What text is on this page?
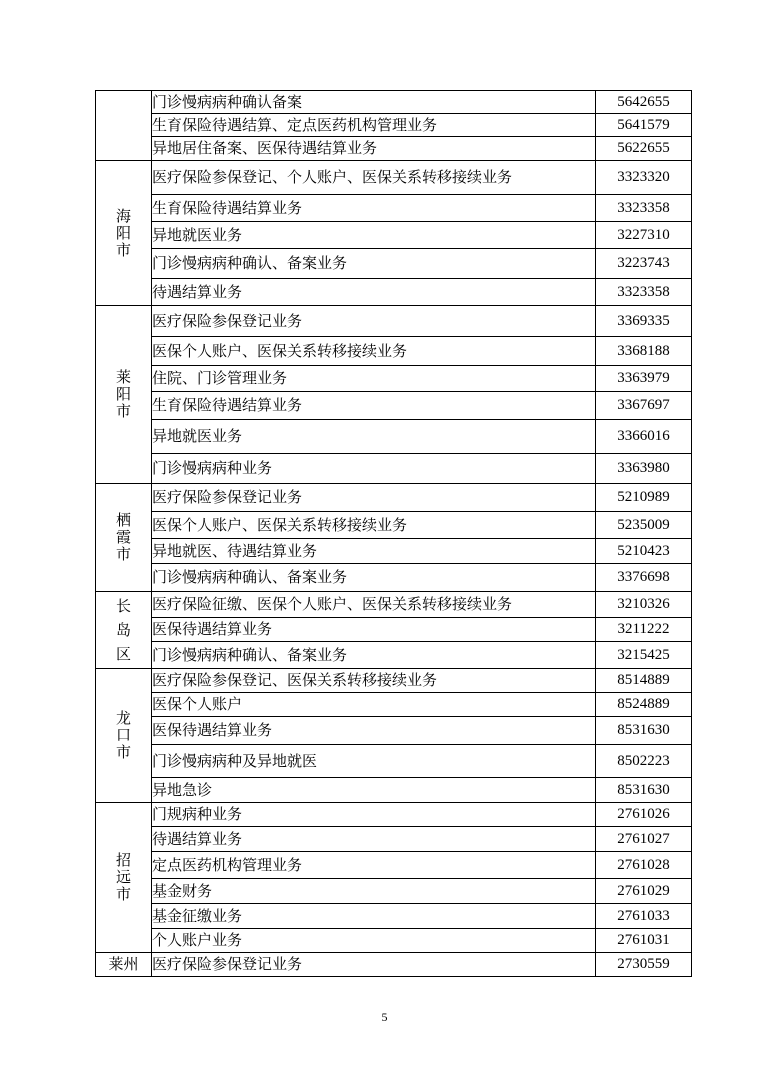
	门诊慢病病种确认备案	5642655
	生育保险待遇结算、定点医药机构管理业务	5641579
	异地居住备案、医保待遇结算业务	5622655
海阳市	医疗保险参保登记、个人账户、医保关系转移接续业务	3323320
	生育保险待遇结算业务	3323358
	异地就医业务	3227310
	门诊慢病病种确认、备案业务	3223743
	待遇结算业务	3323358
莱阳市	医疗保险参保登记业务	3369335
	医保个人账户、医保关系转移接续业务	3368188
	住院、门诊管理业务	3363979
	生育保险待遇结算业务	3367697
	异地就医业务	3366016
	门诊慢病病种业务	3363980
栖霞市	医疗保险参保登记业务	5210989
	医保个人账户、医保关系转移接续业务	5235009
	异地就医、待遇结算业务	5210423
	门诊慢病病种确认、备案业务	3376698
长岛区	医疗保险征缴、医保个人账户、医保关系转移接续业务	3210326
	医保待遇结算业务	3211222
	门诊慢病病种确认、备案业务	3215425
龙口市	医疗保险参保登记、医保关系转移接续业务	8514889
	医保个人账户	8524889
	医保待遇结算业务	8531630
	门诊慢病病种及异地就医	8502223
	异地急诊	8531630
招远市	门规病种业务	2761026
	待遇结算业务	2761027
	定点医药机构管理业务	2761028
	基金财务	2761029
	基金征缴业务	2761033
	个人账户业务	2761031
莱州	医疗保险参保登记业务	2730559
5
